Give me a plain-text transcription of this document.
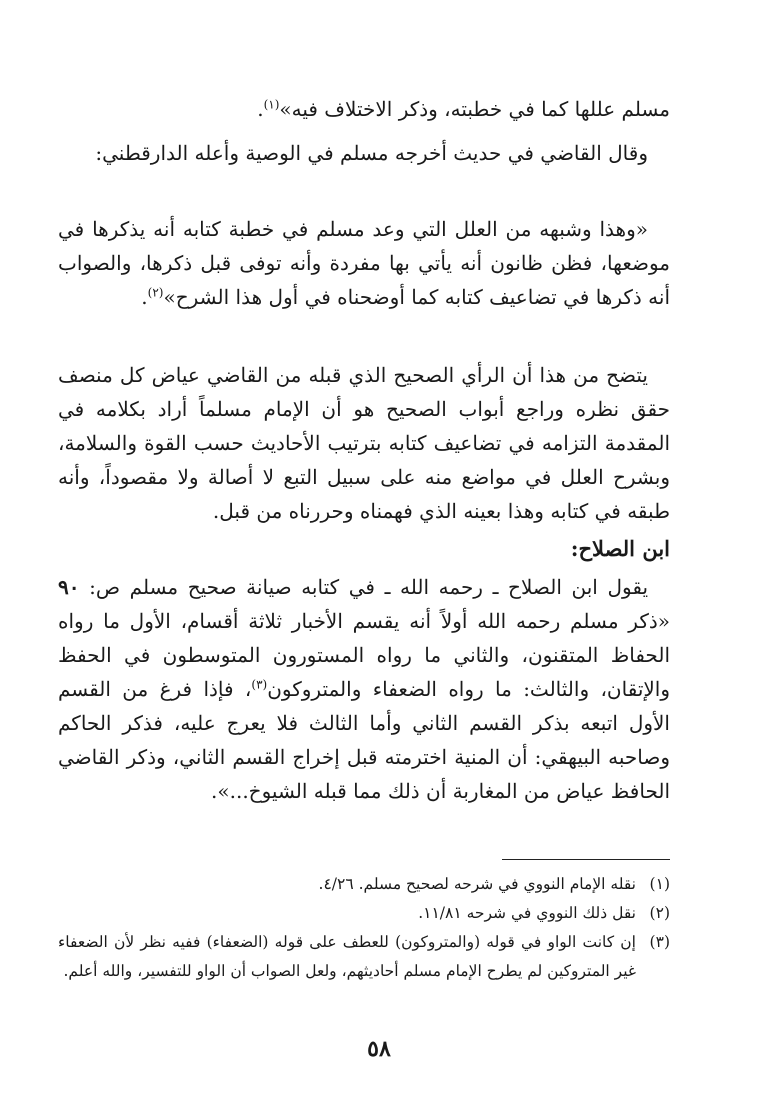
مسلم عللها كما في خطبته، وذكر الاختلاف فيه»$^{(١)}$.

وقال القاضي في حديث أخرجه مسلم في الوصية وأعله الدارقطني:

«وهذا وشبهه من العلل التي وعد مسلم في خطبة كتابه أنه يذكرها في موضعها، فظن ظانون أنه يأتي بها مفردة وأنه توفى قبل ذكرها، والصواب أنه ذكرها في تضاعيف كتابه كما أوضحناه في أول هذا الشرح»$^{(٢)}$.

يتضح من هذا أن الرأي الصحيح الذي قبله من القاضي عياض كل منصف حقق نظره وراجع أبواب الصحيح هو أن الإمام مسلماً أراد بكلامه في المقدمة التزامه في تضاعيف كتابه بترتيب الأحاديث حسب القوة والسلامة، وبشرح العلل في مواضع منه على سبيل التبع لا أصالة ولا مقصوداً، وأنه طبقه في كتابه وهذا بعينه الذي فهمناه وحررناه من قبل.

ابن الصلاح:

يقول ابن الصلاح ـ رحمه الله ـ في كتابه صيانة صحيح مسلم ص: ٩٠ «ذكر مسلم رحمه الله أولاً أنه يقسم الأخبار ثلاثة أقسام، الأول ما رواه الحفاظ المتقنون، والثاني ما رواه المستورون المتوسطون في الحفظ والإتقان، والثالث: ما رواه الضعفاء والمتروكون$^{(٣)}$، فإذا فرغ من القسم الأول اتبعه بذكر القسم الثاني وأما الثالث فلا يعرج عليه، فذكر الحاكم وصاحبه البيهقي: أن المنية اخترمته قبل إخراج القسم الثاني، وذكر القاضي الحافظ عياض من المغاربة أن ذلك مما قبله الشيوخ...».

(١)
نقله الإمام النووي في شرحه لصحيح مسلم. ٤/٢٦.
(٢)
نقل ذلك النووي في شرحه ١١/٨١.
(٣)
إن كانت الواو في قوله (والمتروكون) للعطف على قوله (الضعفاء) ففيه نظر لأن الضعفاء غير المتروكين لم يطرح الإمام مسلم أحاديثهم، ولعل الصواب أن الواو للتفسير، والله أعلم.
٥٨
